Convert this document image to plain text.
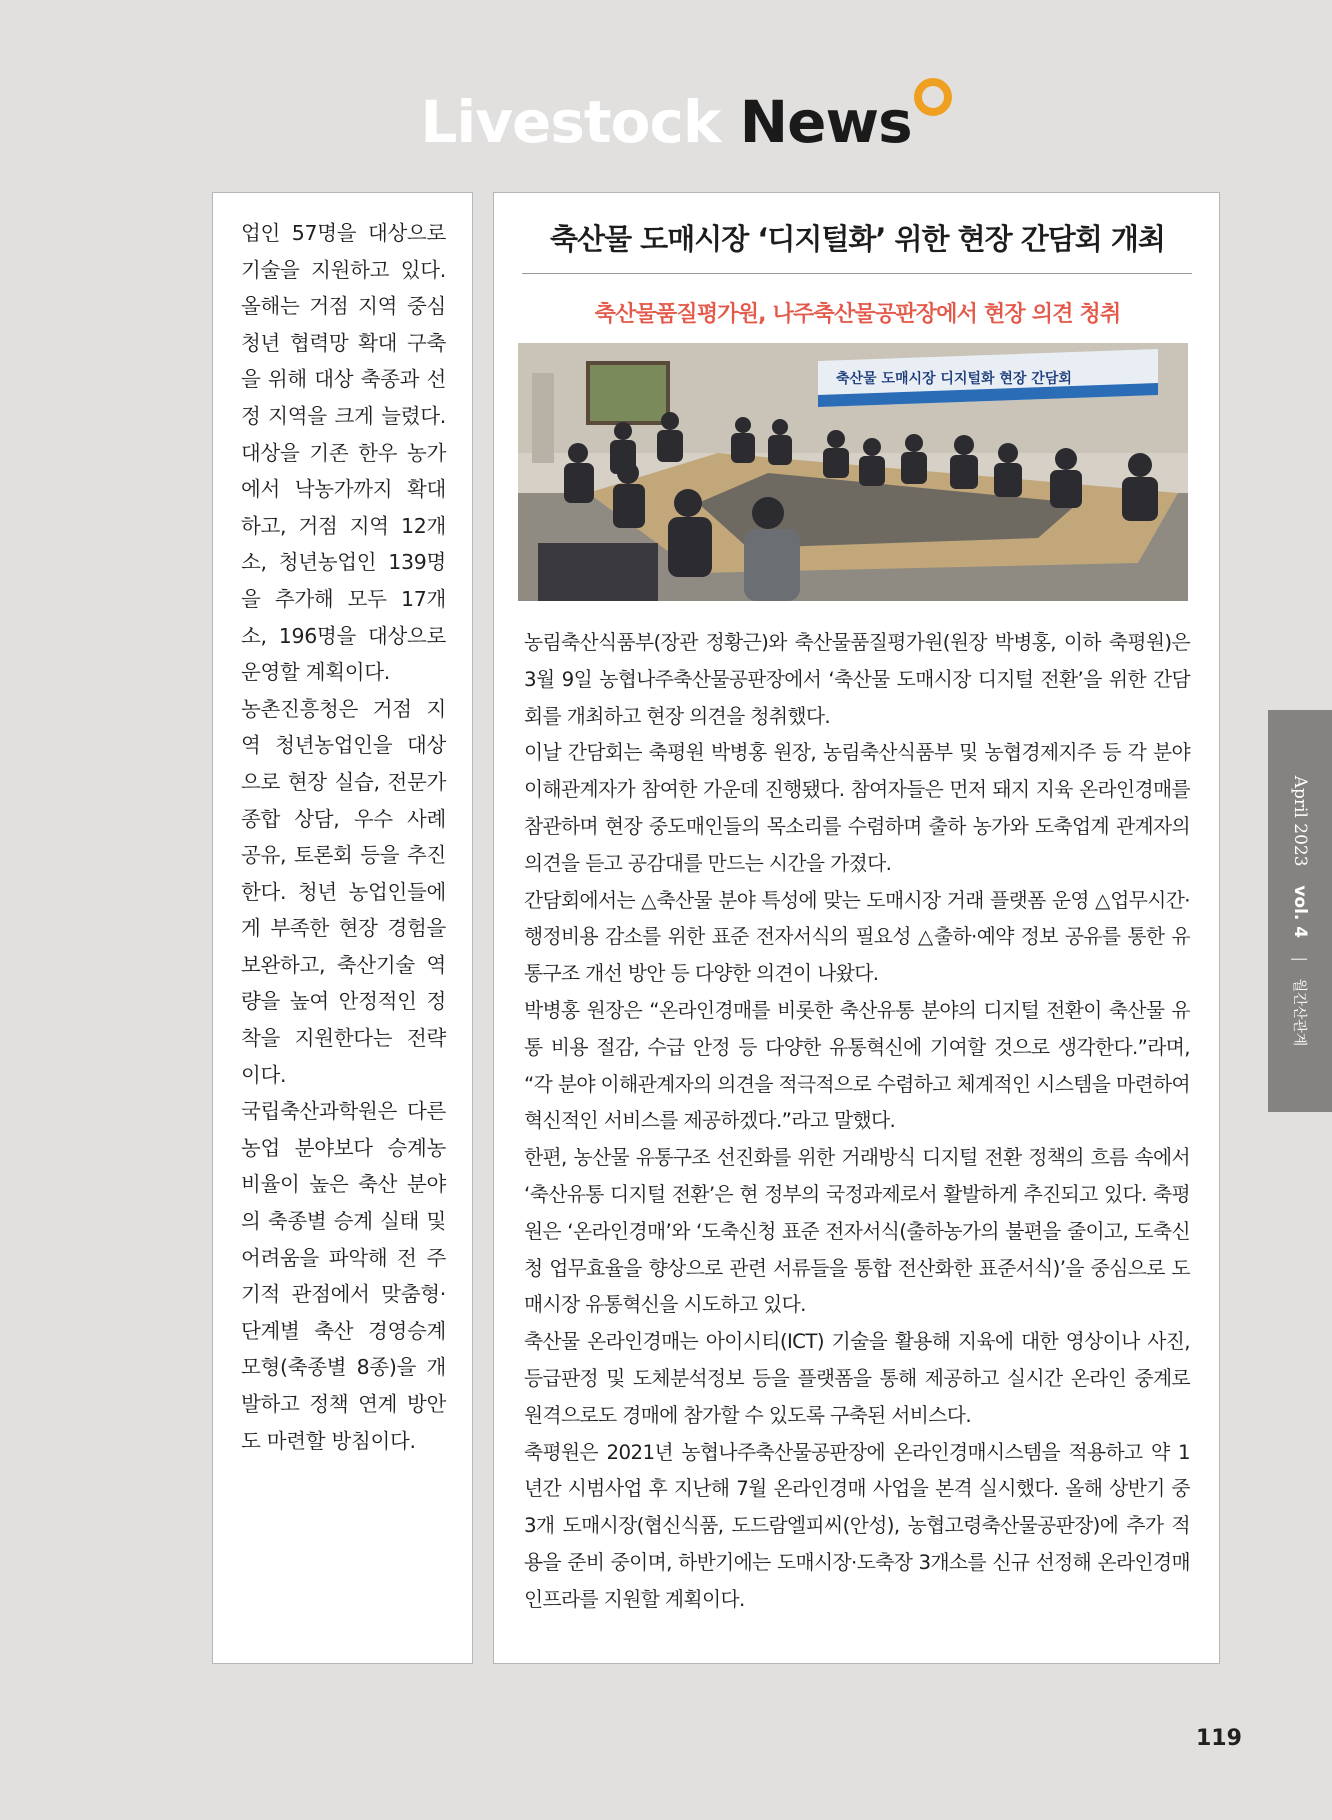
Livestock News

업인 57명을 대상으로 기술을 지원하고 있다. 올해는 거점 지역 중심 청년 협력망 확대 구축을 위해 대상 축종과 선정 지역을 크게 늘렸다. 대상을 기존 한우 농가에서 낙농가까지 확대하고, 거점 지역 12개소, 청년농업인 139명을 추가해 모두 17개소, 196명을 대상으로 운영할 계획이다.

농촌진흥청은 거점 지역 청년농업인을 대상으로 현장 실습, 전문가 종합 상담, 우수 사례 공유, 토론회 등을 추진한다. 청년 농업인들에게 부족한 현장 경험을 보완하고, 축산기술 역량을 높여 안정적인 정착을 지원한다는 전략이다.

국립축산과학원은 다른 농업 분야보다 승계농 비율이 높은 축산 분야의 축종별 승계 실태 및 어려움을 파악해 전 주기적 관점에서 맞춤형·단계별 축산 경영승계 모형(축종별 8종)을 개발하고 정책 연계 방안도 마련할 방침이다.

축산물 도매시장 ‘디지털화’ 위한 현장 간담회 개최
축산물품질평가원, 나주축산물공판장에서 현장 의견 청취
축산물 도매시장 디지털화 현장 간담회

농림축산식품부(장관 정황근)와 축산물품질평가원(원장 박병홍, 이하 축평원)은 3월 9일 농협나주축산물공판장에서 ‘축산물 도매시장 디지털 전환’을 위한 간담회를 개최하고 현장 의견을 청취했다.

이날 간담회는 축평원 박병홍 원장, 농림축산식품부 및 농협경제지주 등 각 분야 이해관계자가 참여한 가운데 진행됐다. 참여자들은 먼저 돼지 지육 온라인경매를 참관하며 현장 중도매인들의 목소리를 수렴하며 출하 농가와 도축업계 관계자의 의견을 듣고 공감대를 만드는 시간을 가졌다.

간담회에서는 △축산물 분야 특성에 맞는 도매시장 거래 플랫폼 운영 △업무시간·행정비용 감소를 위한 표준 전자서식의 필요성 △출하·예약 정보 공유를 통한 유통구조 개선 방안 등 다양한 의견이 나왔다.

박병홍 원장은 “온라인경매를 비롯한 축산유통 분야의 디지털 전환이 축산물 유통 비용 절감, 수급 안정 등 다양한 유통혁신에 기여할 것으로 생각한다.”라며, “각 분야 이해관계자의 의견을 적극적으로 수렴하고 체계적인 시스템을 마련하여 혁신적인 서비스를 제공하겠다.”라고 말했다.

한편, 농산물 유통구조 선진화를 위한 거래방식 디지털 전환 정책의 흐름 속에서 ‘축산유통 디지털 전환’은 현 정부의 국정과제로서 활발하게 추진되고 있다. 축평원은 ‘온라인경매’와 ‘도축신청 표준 전자서식(출하농가의 불편을 줄이고, 도축신청 업무효율을 향상으로 관련 서류들을 통합 전산화한 표준서식)’을 중심으로 도매시장 유통혁신을 시도하고 있다.

축산물 온라인경매는 아이시티(ICT) 기술을 활용해 지육에 대한 영상이나 사진, 등급판정 및 도체분석정보 등을 플랫폼을 통해 제공하고 실시간 온라인 중계로 원격으로도 경매에 참가할 수 있도록 구축된 서비스다.

축평원은 2021년 농협나주축산물공판장에 온라인경매시스템을 적용하고 약 1년간 시범사업 후 지난해 7월 온라인경매 사업을 본격 실시했다. 올해 상반기 중 3개 도매시장(협신식품, 도드람엘피씨(안성), 농협고령축산물공판장)에 추가 적용을 준비 중이며, 하반기에는 도매시장·도축장 3개소를 신규 선정해 온라인경매 인프라를 지원할 계획이다.

April 2023 vol. 4  월간산관계
119
